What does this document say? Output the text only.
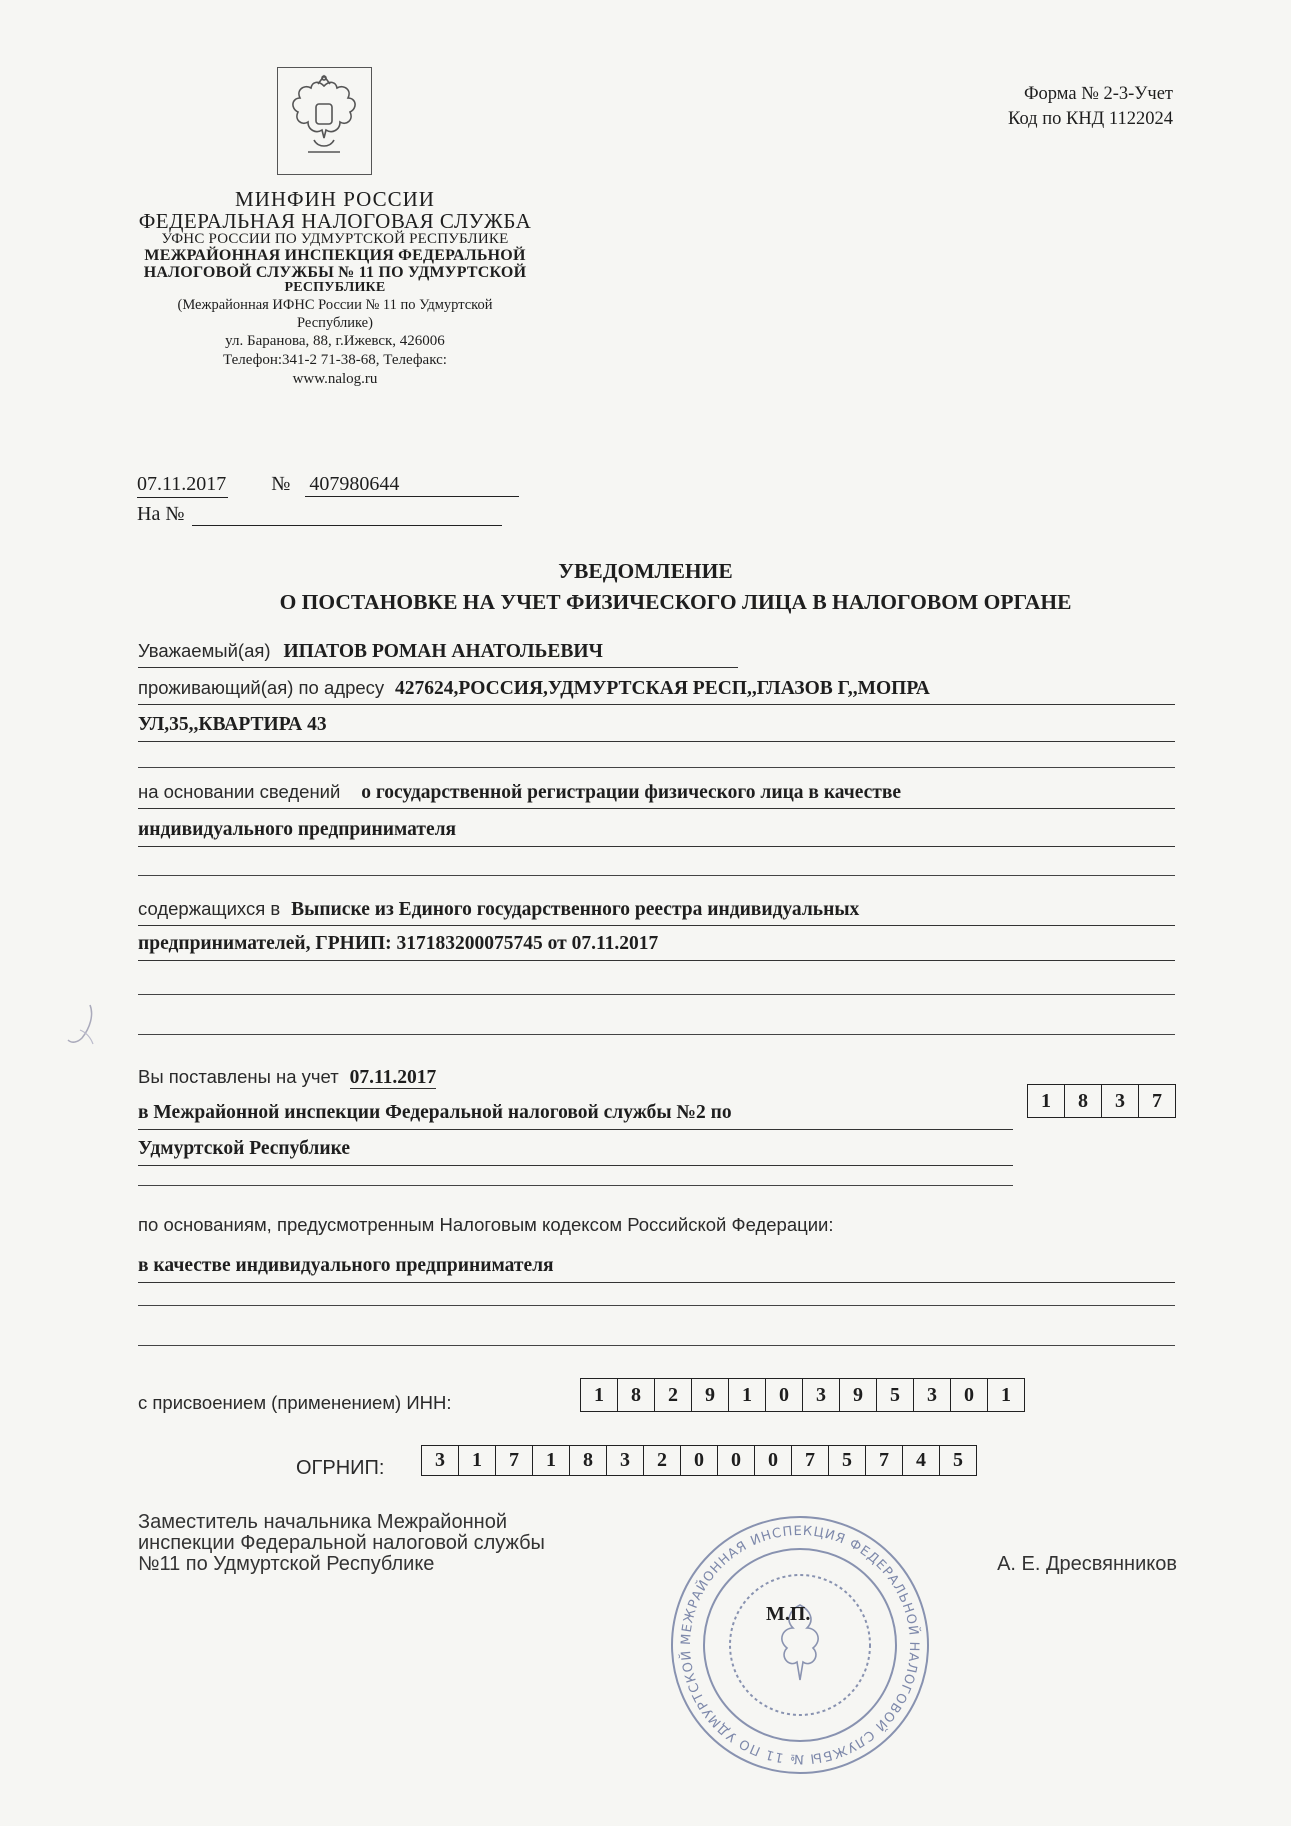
МИНФИН РОССИИ
ФЕДЕРАЛЬНАЯ НАЛОГОВАЯ СЛУЖБА
УФНС РОССИИ ПО УДМУРТСКОЙ РЕСПУБЛИКЕ
МЕЖРАЙОННАЯ ИНСПЕКЦИЯ ФЕДЕРАЛЬНОЙ
НАЛОГОВОЙ СЛУЖБЫ № 11 ПО УДМУРТСКОЙ
РЕСПУБЛИКЕ
(Межрайонная ИФНС России № 11 по Удмуртской
Республике)
ул. Баранова, 88, г.Ижевск, 426006
Телефон:341-2 71-38-68, Телефакс:
www.nalog.ru
Форма № 2-3-Учет
Код по КНД 1122024
07.11.2017 № 407980644
На №
УВЕДОМЛЕНИЕ
О ПОСТАНОВКЕ НА УЧЕТ ФИЗИЧЕСКОГО ЛИЦА В НАЛОГОВОМ ОРГАНЕ
Уважаемый(ая) ИПАТОВ РОМАН АНАТОЛЬЕВИЧ
проживающий(ая) по адресу 427624,РОССИЯ,УДМУРТСКАЯ РЕСП,,ГЛАЗОВ Г,,МОПРА
УЛ,35,,КВАРТИРА 43
на основании сведений о государственной регистрации физического лица в качестве
индивидуального предпринимателя
содержащихся в Выписке из Единого государственного реестра индивидуальных
предпринимателей, ГРНИП: 317183200075745 от 07.11.2017
Вы поставлены на учет 07.11.2017
в Межрайонной инспекции Федеральной налоговой службы №2 по
Удмуртской Республике
1	8	3	7
по основаниям, предусмотренным Налоговым кодексом Российской Федерации:
в качестве индивидуального предпринимателя
с присвоением (применением) ИНН:	1	8	2	9	1	0	3	9	5	3	0	1
ОГРНИП:	3	1	7	1	8	3	2	0	0	0	7	5	7	4	5
Заместитель начальника Межрайонной
инспекции Федеральной налоговой службы
№11 по Удмуртской Республике
МЕЖРАЙОННАЯ ИНСПЕКЦИЯ ФЕДЕРАЛЬНОЙ НАЛОГОВОЙ СЛУЖБЫ № 11 ПО УДМУРТСКОЙ
М.П.
А. Е. Дресвянников
